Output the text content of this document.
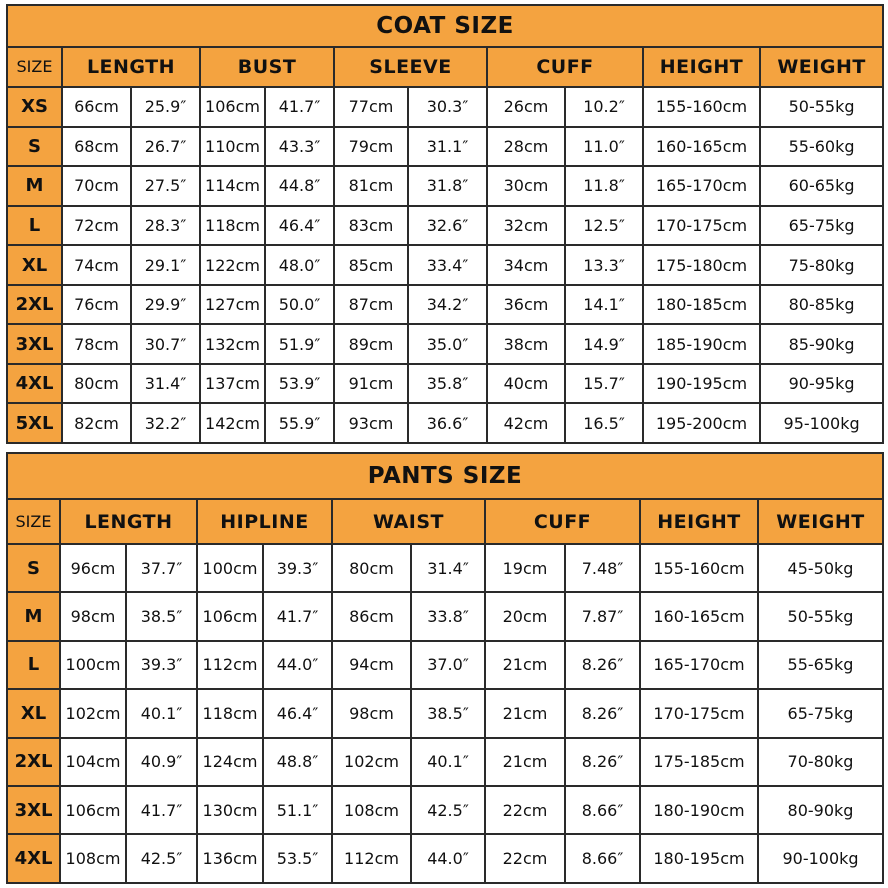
COAT SIZE										
SIZE	LENGTH		BUST		SLEEVE		CUFF		HEIGHT	WEIGHT
XS	66cm	25.9″	106cm	41.7″	77cm	30.3″	26cm	10.2″	155-160cm	50-55kg
S	68cm	26.7″	110cm	43.3″	79cm	31.1″	28cm	11.0″	160-165cm	55-60kg
M	70cm	27.5″	114cm	44.8″	81cm	31.8″	30cm	11.8″	165-170cm	60-65kg
L	72cm	28.3″	118cm	46.4″	83cm	32.6″	32cm	12.5″	170-175cm	65-75kg
XL	74cm	29.1″	122cm	48.0″	85cm	33.4″	34cm	13.3″	175-180cm	75-80kg
2XL	76cm	29.9″	127cm	50.0″	87cm	34.2″	36cm	14.1″	180-185cm	80-85kg
3XL	78cm	30.7″	132cm	51.9″	89cm	35.0″	38cm	14.9″	185-190cm	85-90kg
4XL	80cm	31.4″	137cm	53.9″	91cm	35.8″	40cm	15.7″	190-195cm	90-95kg
5XL	82cm	32.2″	142cm	55.9″	93cm	36.6″	42cm	16.5″	195-200cm	95-100kg
PANTS SIZE										
SIZE	LENGTH		HIPLINE		WAIST		CUFF		HEIGHT	WEIGHT
S	96cm	37.7″	100cm	39.3″	80cm	31.4″	19cm	7.48″	155-160cm	45-50kg
M	98cm	38.5″	106cm	41.7″	86cm	33.8″	20cm	7.87″	160-165cm	50-55kg
L	100cm	39.3″	112cm	44.0″	94cm	37.0″	21cm	8.26″	165-170cm	55-65kg
XL	102cm	40.1″	118cm	46.4″	98cm	38.5″	21cm	8.26″	170-175cm	65-75kg
2XL	104cm	40.9″	124cm	48.8″	102cm	40.1″	21cm	8.26″	175-185cm	70-80kg
3XL	106cm	41.7″	130cm	51.1″	108cm	42.5″	22cm	8.66″	180-190cm	80-90kg
4XL	108cm	42.5″	136cm	53.5″	112cm	44.0″	22cm	8.66″	180-195cm	90-100kg
